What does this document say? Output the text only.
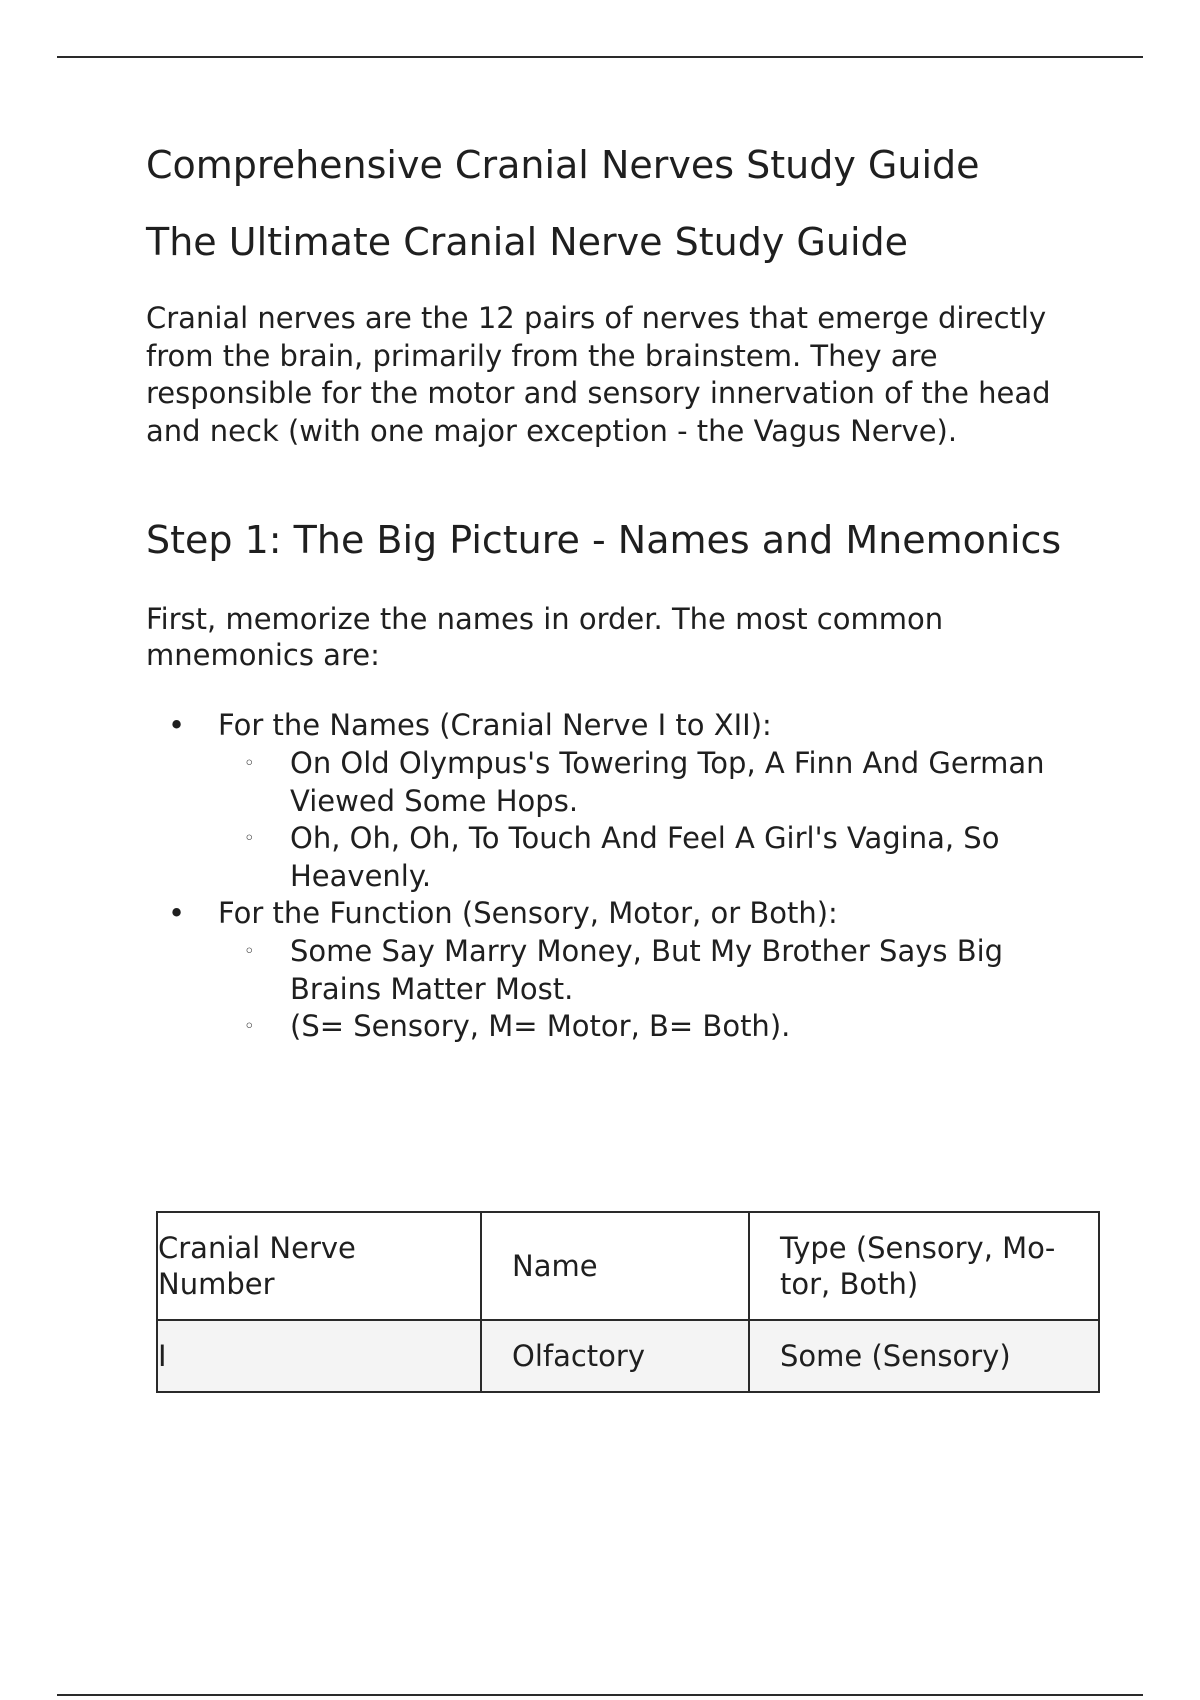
Comprehensive Cranial Nerves Study Guide
The Ultimate Cranial Nerve Study Guide

Cranial nerves are the 12 pairs of nerves that emerge directly from the brain, primarily from the brainstem. They are responsible for the motor and sensory innervation of the head and neck (with one major exception - the Vagus Nerve).

Step 1: The Big Picture - Names and Mnemonics

First, memorize the names in order. The most common mnemonics are:

• For the Names (Cranial Nerve I to XII):
◦ On Old Olympus's Towering Top, A Finn And German Viewed Some Hops.
◦ Oh, Oh, Oh, To Touch And Feel A Girl's Vagina, So Heavenly.
• For the Function (Sensory, Motor, or Both):
◦ Some Say Marry Money, But My Brother Says Big Brains Matter Most.
◦ (S= Sensory, M= Motor, B= Both).
Cranial Nerve Number	Name	Type (Sensory, Motor, Both)
I	Olfactory	Some (Sensory)
